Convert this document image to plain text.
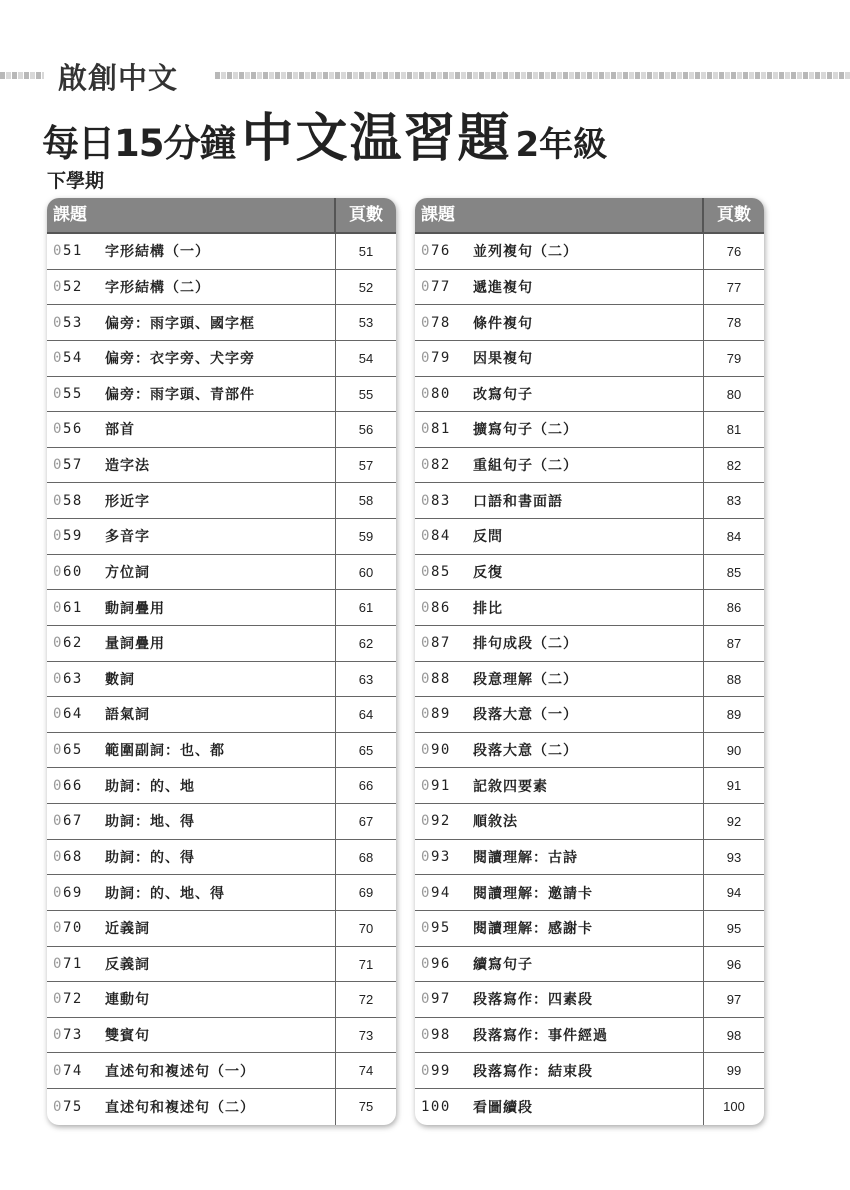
啟創中文
每日15分鐘 中文温習題 2年級
下學期
課題	頁數
051	字形結構（一）	51
052	字形結構（二）	52
053	偏旁：雨字頭、國字框	53
054	偏旁：衣字旁、犬字旁	54
055	偏旁：雨字頭、青部件	55
056	部首	56
057	造字法	57
058	形近字	58
059	多音字	59
060	方位詞	60
061	動詞疊用	61
062	量詞疊用	62
063	數詞	63
064	語氣詞	64
065	範圍副詞：也、都	65
066	助詞：的、地	66
067	助詞：地、得	67
068	助詞：的、得	68
069	助詞：的、地、得	69
070	近義詞	70
071	反義詞	71
072	連動句	72
073	雙賓句	73
074	直述句和複述句（一）	74
075	直述句和複述句（二）	75
課題	頁數
076	並列複句（二）	76
077	遞進複句	77
078	條件複句	78
079	因果複句	79
080	改寫句子	80
081	擴寫句子（二）	81
082	重組句子（二）	82
083	口語和書面語	83
084	反問	84
085	反復	85
086	排比	86
087	排句成段（二）	87
088	段意理解（二）	88
089	段落大意（一）	89
090	段落大意（二）	90
091	記敘四要素	91
092	順敘法	92
093	閱讀理解：古詩	93
094	閱讀理解：邀請卡	94
095	閱讀理解：感謝卡	95
096	續寫句子	96
097	段落寫作：四素段	97
098	段落寫作：事件經過	98
099	段落寫作：結束段	99
100	看圖續段	100
